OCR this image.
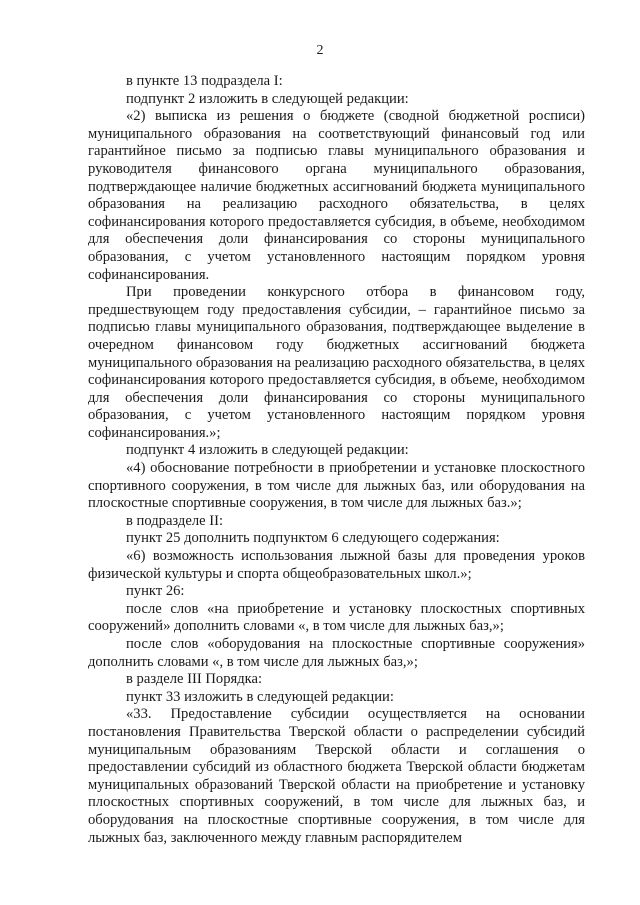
2

в пункте 13 подраздела I:

подпункт 2 изложить в следующей редакции:

«2) выписка из решения о бюджете (сводной бюджетной росписи) муниципального образования на соответствующий финансовый год или гарантийное письмо за подписью главы муниципального образования и руководителя финансового органа муниципального образования, подтверждающее наличие бюджетных ассигнований бюджета муниципального образования на реализацию расходного обязательства, в целях софинансирования которого предоставляется субсидия, в объеме, необходимом для обеспечения доли финансирования со стороны муниципального образования, с учетом установленного настоящим порядком уровня софинансирования.

При проведении конкурсного отбора в финансовом году, предшествующем году предоставления субсидии, – гарантийное письмо за подписью главы муниципального образования, подтверждающее выделение в очередном финансовом году бюджетных ассигнований бюджета муниципального образования на реализацию расходного обязательства, в целях софинансирования которого предоставляется субсидия, в объеме, необходимом для обеспечения доли финансирования со стороны муниципального образования, с учетом установленного настоящим порядком уровня софинансирования.»;

подпункт 4 изложить в следующей редакции:

«4) обоснование потребности в приобретении и установке плоскостного спортивного сооружения, в том числе для лыжных баз, или оборудования на плоскостные спортивные сооружения, в том числе для лыжных баз.»;

в подразделе II:

пункт 25 дополнить подпунктом 6 следующего содержания:

«6) возможность использования лыжной базы для проведения уроков физической культуры и спорта общеобразовательных школ.»;

пункт 26:

после слов «на приобретение и установку плоскостных спортивных сооружений» дополнить словами «, в том числе для лыжных баз,»;

после слов «оборудования на плоскостные спортивные сооружения» дополнить словами «, в том числе для лыжных баз,»;

в разделе III Порядка:

пункт 33 изложить в следующей редакции:

«33. Предоставление субсидии осуществляется на основании постановления Правительства Тверской области о распределении субсидий муниципальным образованиям Тверской области и соглашения о предоставлении субсидий из областного бюджета Тверской области бюджетам муниципальных образований Тверской области на приобретение и установку плоскостных спортивных сооружений, в том числе для лыжных баз, и оборудования на плоскостные спортивные сооружения, в том числе для лыжных баз, заключенного между главным распорядителем
